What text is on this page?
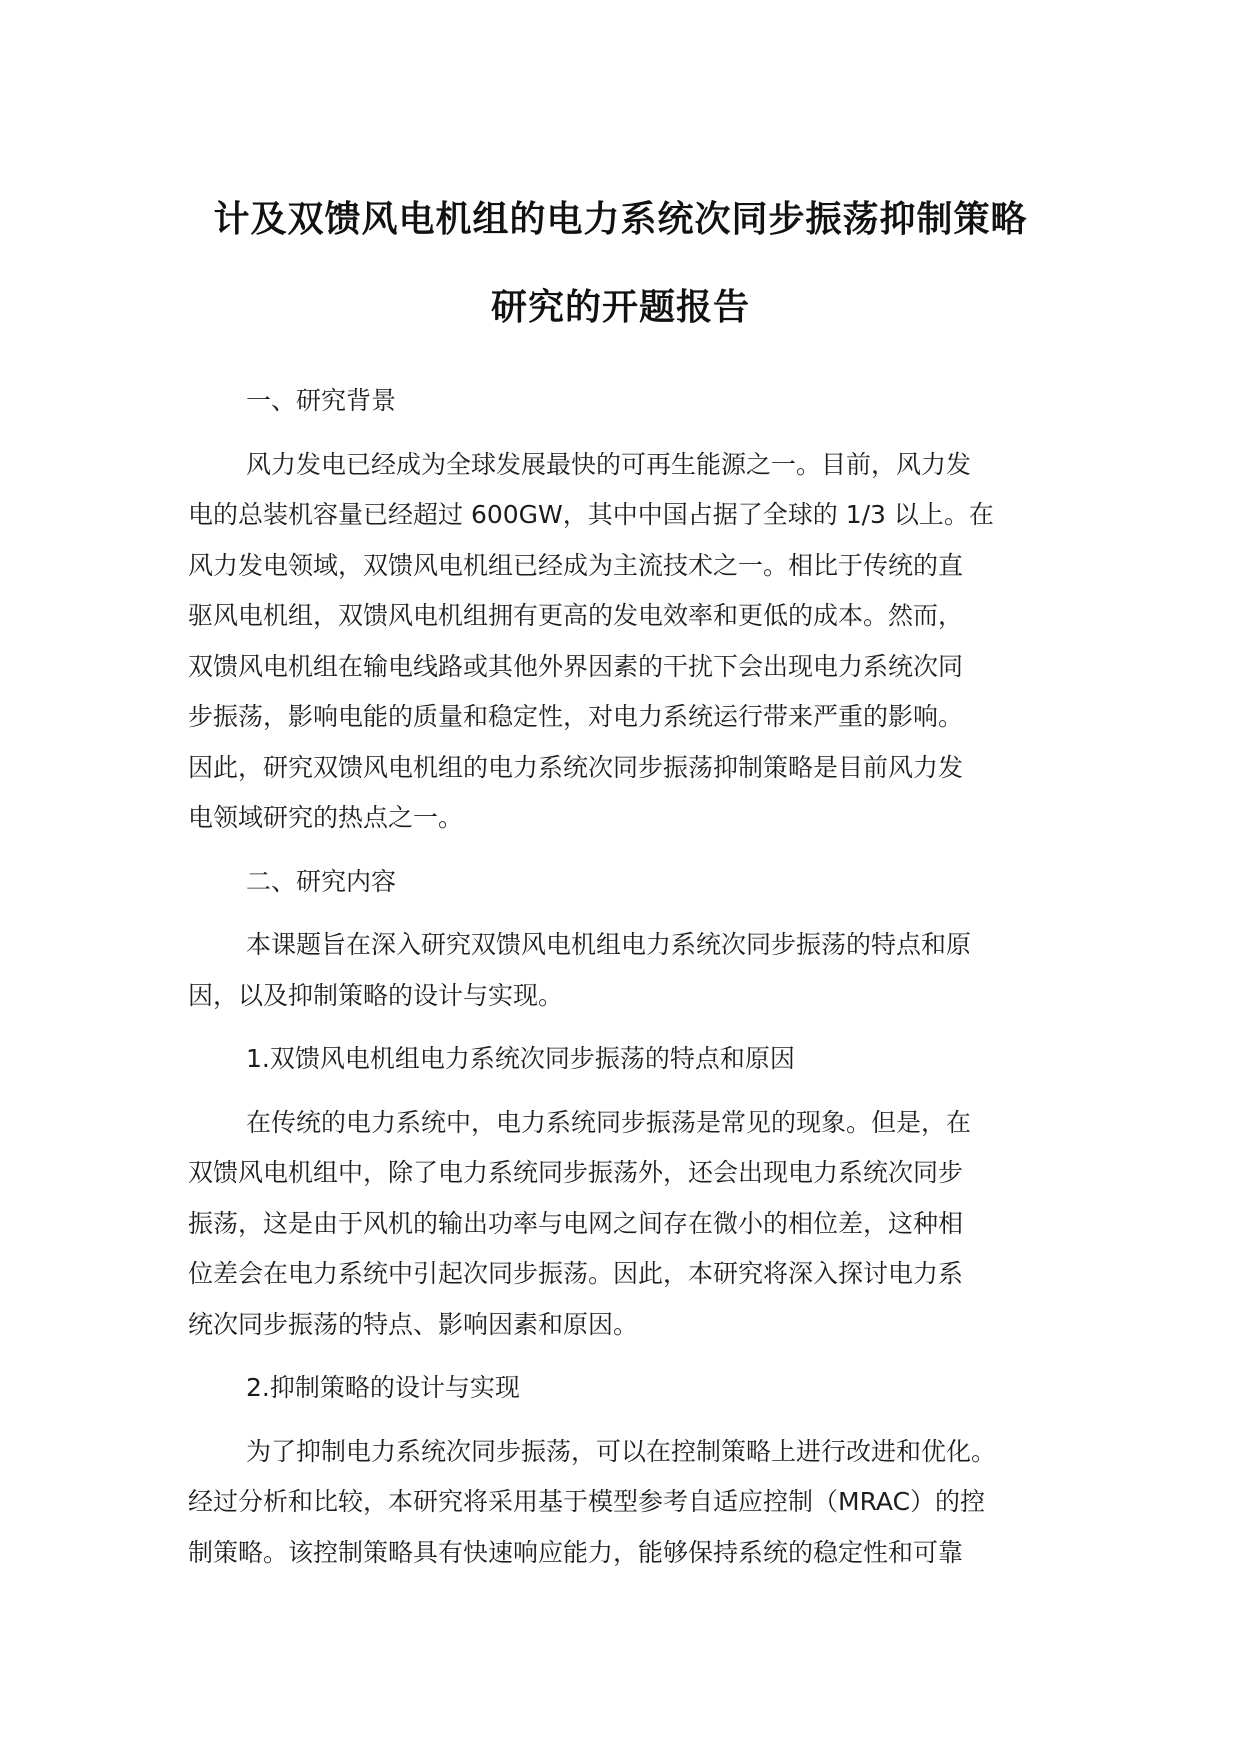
计及双馈风电机组的电力系统次同步振荡抑制策略
研究的开题报告

一、研究背景

风力发电已经成为全球发展最快的可再生能源之一。目前，风力发

电的总装机容量已经超过 600GW，其中中国占据了全球的 1/3 以上。在

风力发电领域，双馈风电机组已经成为主流技术之一。相比于传统的直

驱风电机组，双馈风电机组拥有更高的发电效率和更低的成本。然而，

双馈风电机组在输电线路或其他外界因素的干扰下会出现电力系统次同

步振荡，影响电能的质量和稳定性，对电力系统运行带来严重的影响。

因此，研究双馈风电机组的电力系统次同步振荡抑制策略是目前风力发

电领域研究的热点之一。

二、研究内容

本课题旨在深入研究双馈风电机组电力系统次同步振荡的特点和原

因，以及抑制策略的设计与实现。

1.双馈风电机组电力系统次同步振荡的特点和原因

在传统的电力系统中，电力系统同步振荡是常见的现象。但是，在

双馈风电机组中，除了电力系统同步振荡外，还会出现电力系统次同步

振荡，这是由于风机的输出功率与电网之间存在微小的相位差，这种相

位差会在电力系统中引起次同步振荡。因此，本研究将深入探讨电力系

统次同步振荡的特点、影响因素和原因。

2.抑制策略的设计与实现

为了抑制电力系统次同步振荡，可以在控制策略上进行改进和优化。

经过分析和比较，本研究将采用基于模型参考自适应控制（MRAC）的控

制策略。该控制策略具有快速响应能力，能够保持系统的稳定性和可靠
